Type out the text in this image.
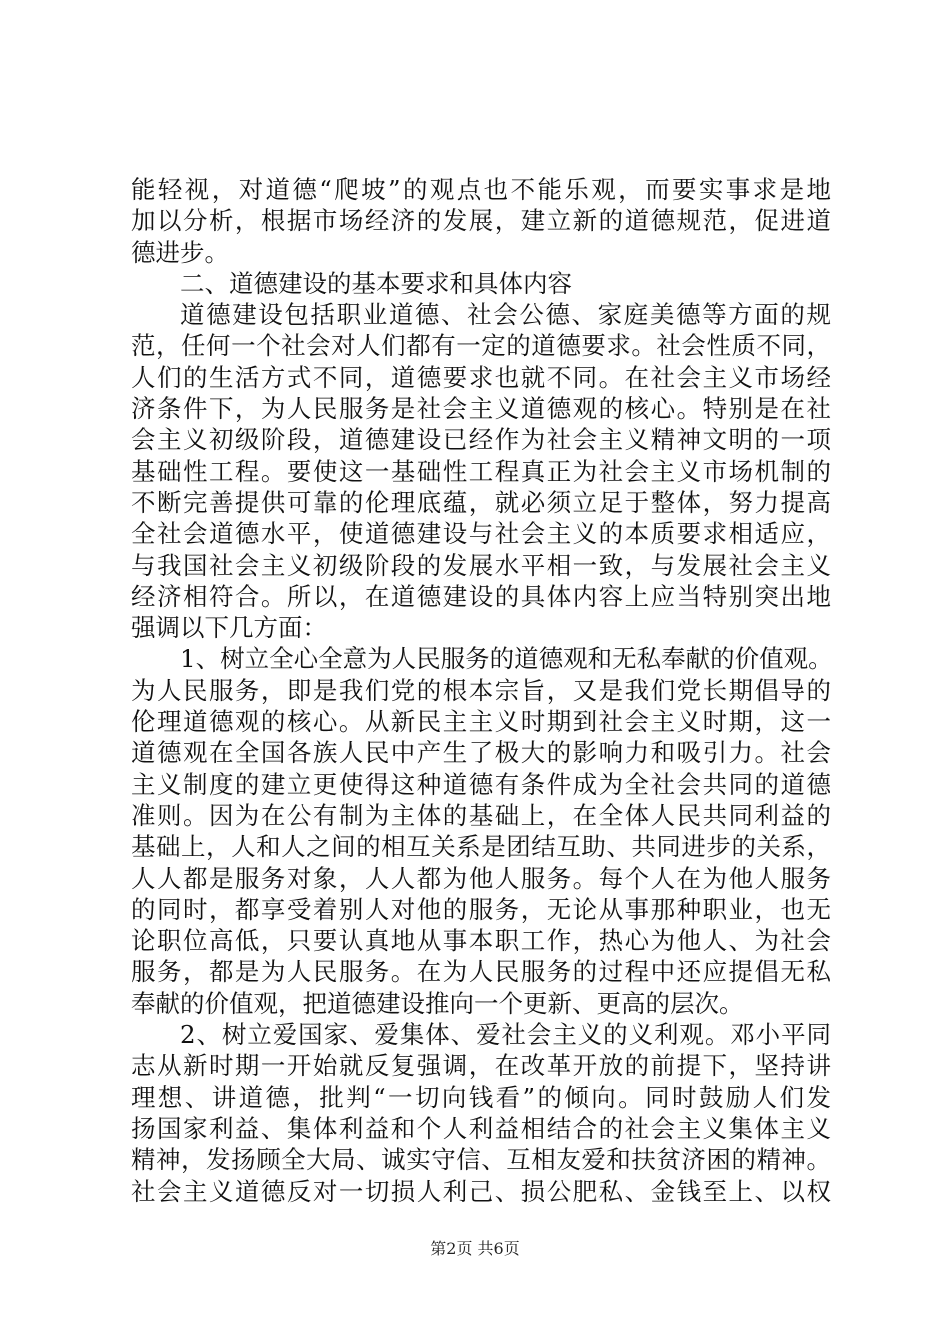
能轻视，对道德“爬坡”的观点也不能乐观，而要实事求是地
加以分析，根据市场经济的发展，建立新的道德规范，促进道
德进步。
二、道德建设的基本要求和具体内容
道德建设包括职业道德、社会公德、家庭美德等方面的规
范，任何一个社会对人们都有一定的道德要求。社会性质不同，
人们的生活方式不同，道德要求也就不同。在社会主义市场经
济条件下，为人民服务是社会主义道德观的核心。特别是在社
会主义初级阶段，道德建设已经作为社会主义精神文明的一项
基础性工程。要使这一基础性工程真正为社会主义市场机制的
不断完善提供可靠的伦理底蕴，就必须立足于整体，努力提高
全社会道德水平，使道德建设与社会主义的本质要求相适应，
与我国社会主义初级阶段的发展水平相一致，与发展社会主义
经济相符合。所以，在道德建设的具体内容上应当特别突出地
强调以下几方面：
1、树立全心全意为人民服务的道德观和无私奉献的价值观。
为人民服务，即是我们党的根本宗旨，又是我们党长期倡导的
伦理道德观的核心。从新民主主义时期到社会主义时期，这一
道德观在全国各族人民中产生了极大的影响力和吸引力。社会
主义制度的建立更使得这种道德有条件成为全社会共同的道德
准则。因为在公有制为主体的基础上，在全体人民共同利益的
基础上，人和人之间的相互关系是团结互助、共同进步的关系，
人人都是服务对象，人人都为他人服务。每个人在为他人服务
的同时，都享受着别人对他的服务，无论从事那种职业，也无
论职位高低，只要认真地从事本职工作，热心为他人、为社会
服务，都是为人民服务。在为人民服务的过程中还应提倡无私
奉献的价值观，把道德建设推向一个更新、更高的层次。
2、树立爱国家、爱集体、爱社会主义的义利观。邓小平同
志从新时期一开始就反复强调，在改革开放的前提下，坚持讲
理想、讲道德，批判“一切向钱看”的倾向。同时鼓励人们发
扬国家利益、集体利益和个人利益相结合的社会主义集体主义
精神，发扬顾全大局、诚实守信、互相友爱和扶贫济困的精神。
社会主义道德反对一切损人利己、损公肥私、金钱至上、以权
第2页 共6页
